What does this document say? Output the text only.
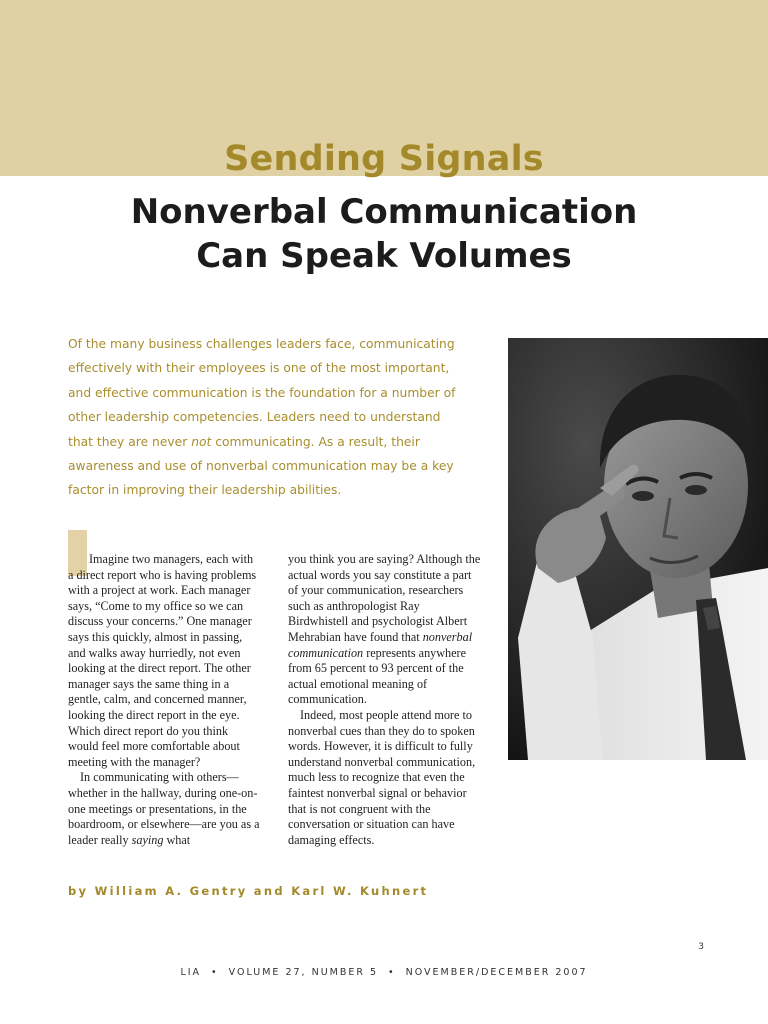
Sending Signals
Nonverbal Communication
Can Speak Volumes
Of the many business challenges leaders face, communicating effectively with their employees is one of the most important, and effective communication is the foundation for a number of other leadership competencies. Leaders need to understand that they are never not communicating. As a result, their awareness and use of nonverbal communication may be a key factor in improving their leadership abilities.

Imagine two managers, each with a direct report who is having problems with a project at work. Each manager says, “Come to my office so we can discuss your concerns.” One manager says this quickly, almost in passing, and walks away hurriedly, not even looking at the direct report. The other manager says the same thing in a gentle, calm, and concerned manner, looking the direct report in the eye. Which direct report do you think would feel more comfortable about meeting with the manager?

In communicating with others—whether in the hallway, during one-on-one meetings or presentations, in the boardroom, or elsewhere—are you as a leader really saying what

you think you are saying? Although the actual words you say constitute a part of your communication, researchers such as anthropologist Ray Birdwhistell and psychologist Albert Mehrabian have found that nonverbal communication represents anywhere from 65 percent to 93 percent of the actual emotional meaning of communication.

Indeed, most people attend more to nonverbal cues than they do to spoken words. However, it is difficult to fully understand nonverbal communication, much less to recognize that even the faintest nonverbal signal or behavior that is not congruent with the conversation or situation can have damaging effects.

by William A. Gentry and Karl W. Kuhnert
3
LIA • VOLUME 27, NUMBER 5 • NOVEMBER/DECEMBER 2007
